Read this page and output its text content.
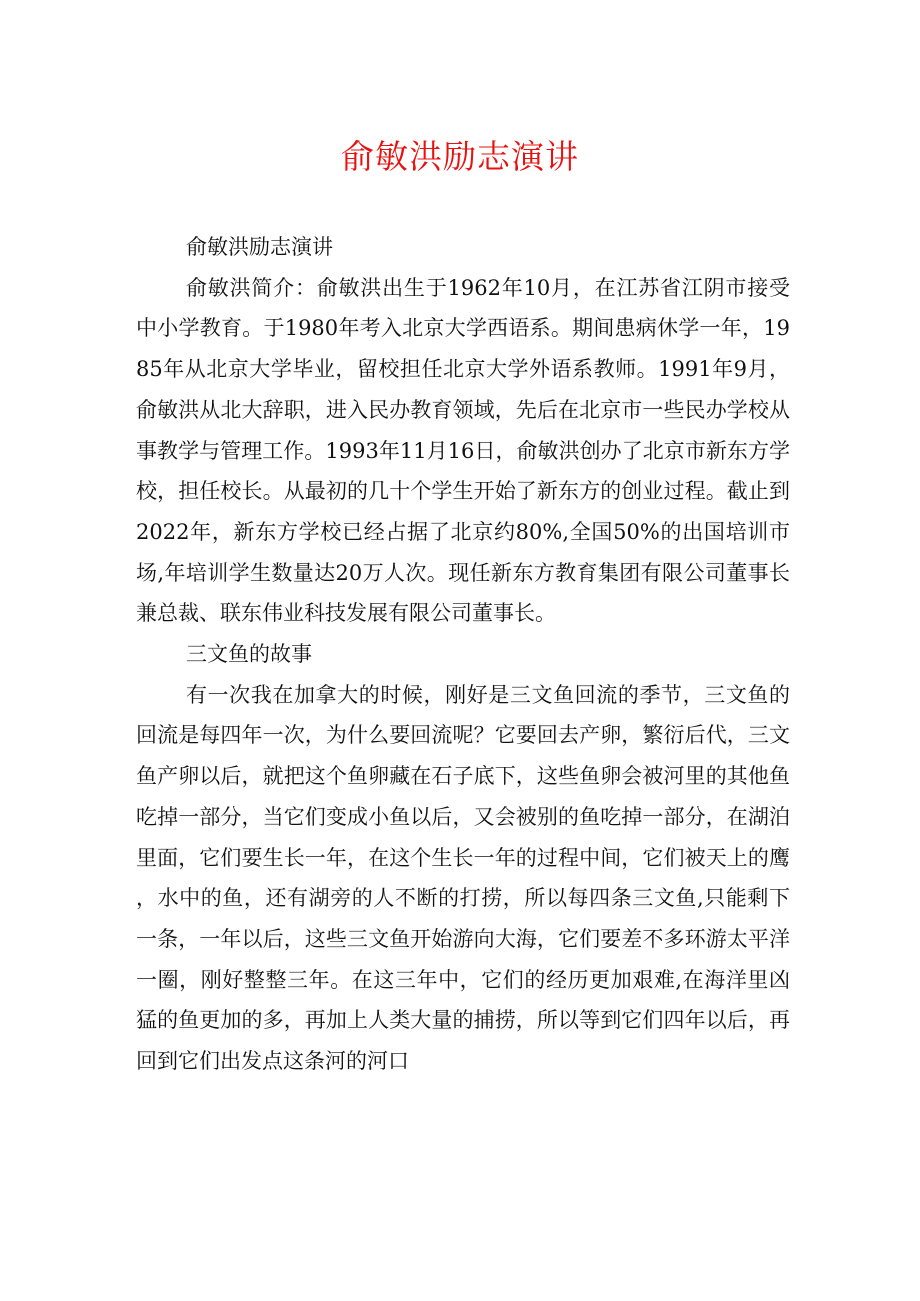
俞敏洪励志演讲

俞敏洪励志演讲

俞敏洪简介：俞敏洪出生于1962年10月，在江苏省江阴市接受中小学教育。于1980年考入北京大学西语系。期间患病休学一年，1985年从北京大学毕业，留校担任北京大学外语系教师。1991年9月，俞敏洪从北大辞职，进入民办教育领域，先后在北京市一些民办学校从事教学与管理工作。1993年11月16日，俞敏洪创办了北京市新东方学校，担任校长。从最初的几十个学生开始了新东方的创业过程。截止到2022年，新东方学校已经占据了北京约80%,全国50%的出国培训市场,年培训学生数量达20万人次。现任新东方教育集团有限公司董事长兼总裁、联东伟业科技发展有限公司董事长。

三文鱼的故事

有一次我在加拿大的时候，刚好是三文鱼回流的季节，三文鱼的回流是每四年一次，为什么要回流呢？它要回去产卵，繁衍后代，三文鱼产卵以后，就把这个鱼卵藏在石子底下，这些鱼卵会被河里的其他鱼吃掉一部分，当它们变成小鱼以后，又会被别的鱼吃掉一部分，在湖泊里面，它们要生长一年，在这个生长一年的过程中间，它们被天上的鹰，水中的鱼，还有湖旁的人不断的打捞，所以每四条三文鱼,只能剩下一条，一年以后，这些三文鱼开始游向大海，它们要差不多环游太平洋一圈，刚好整整三年。在这三年中，它们的经历更加艰难,在海洋里凶猛的鱼更加的多，再加上人类大量的捕捞，所以等到它们四年以后，再回到它们出发点这条河的河口
